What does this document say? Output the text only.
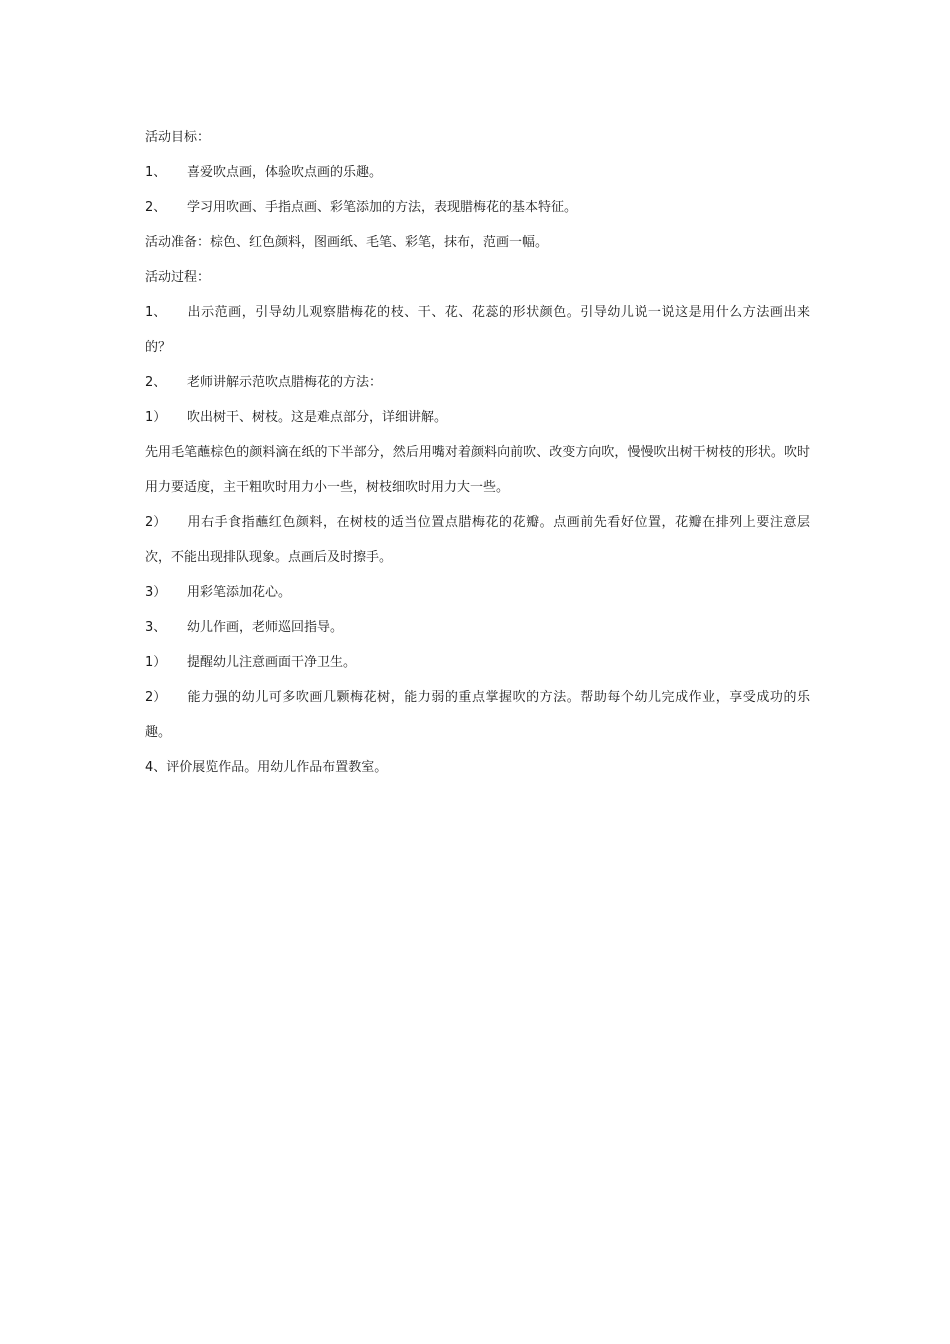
活动目标：
1、 喜爱吹点画，体验吹点画的乐趣。
2、 学习用吹画、手指点画、彩笔添加的方法，表现腊梅花的基本特征。
活动准备：棕色、红色颜料，图画纸、毛笔、彩笔，抹布，范画一幅。
活动过程：
1、 出示范画，引导幼儿观察腊梅花的枝、干、花、花蕊的形状颜色。引导幼儿说一说这是用什么方法画出来的？
2、 老师讲解示范吹点腊梅花的方法：
1） 吹出树干、树枝。这是难点部分，详细讲解。
先用毛笔蘸棕色的颜料滴在纸的下半部分，然后用嘴对着颜料向前吹、改变方向吹，慢慢吹出树干树枝的形状。吹时用力要适度，主干粗吹时用力小一些，树枝细吹时用力大一些。
2） 用右手食指蘸红色颜料，在树枝的适当位置点腊梅花的花瓣。点画前先看好位置，花瓣在排列上要注意层次，不能出现排队现象。点画后及时擦手。
3） 用彩笔添加花心。
3、 幼儿作画，老师巡回指导。
1） 提醒幼儿注意画面干净卫生。
2） 能力强的幼儿可多吹画几颗梅花树，能力弱的重点掌握吹的方法。帮助每个幼儿完成作业，享受成功的乐趣。
4、评价展览作品。用幼儿作品布置教室。
